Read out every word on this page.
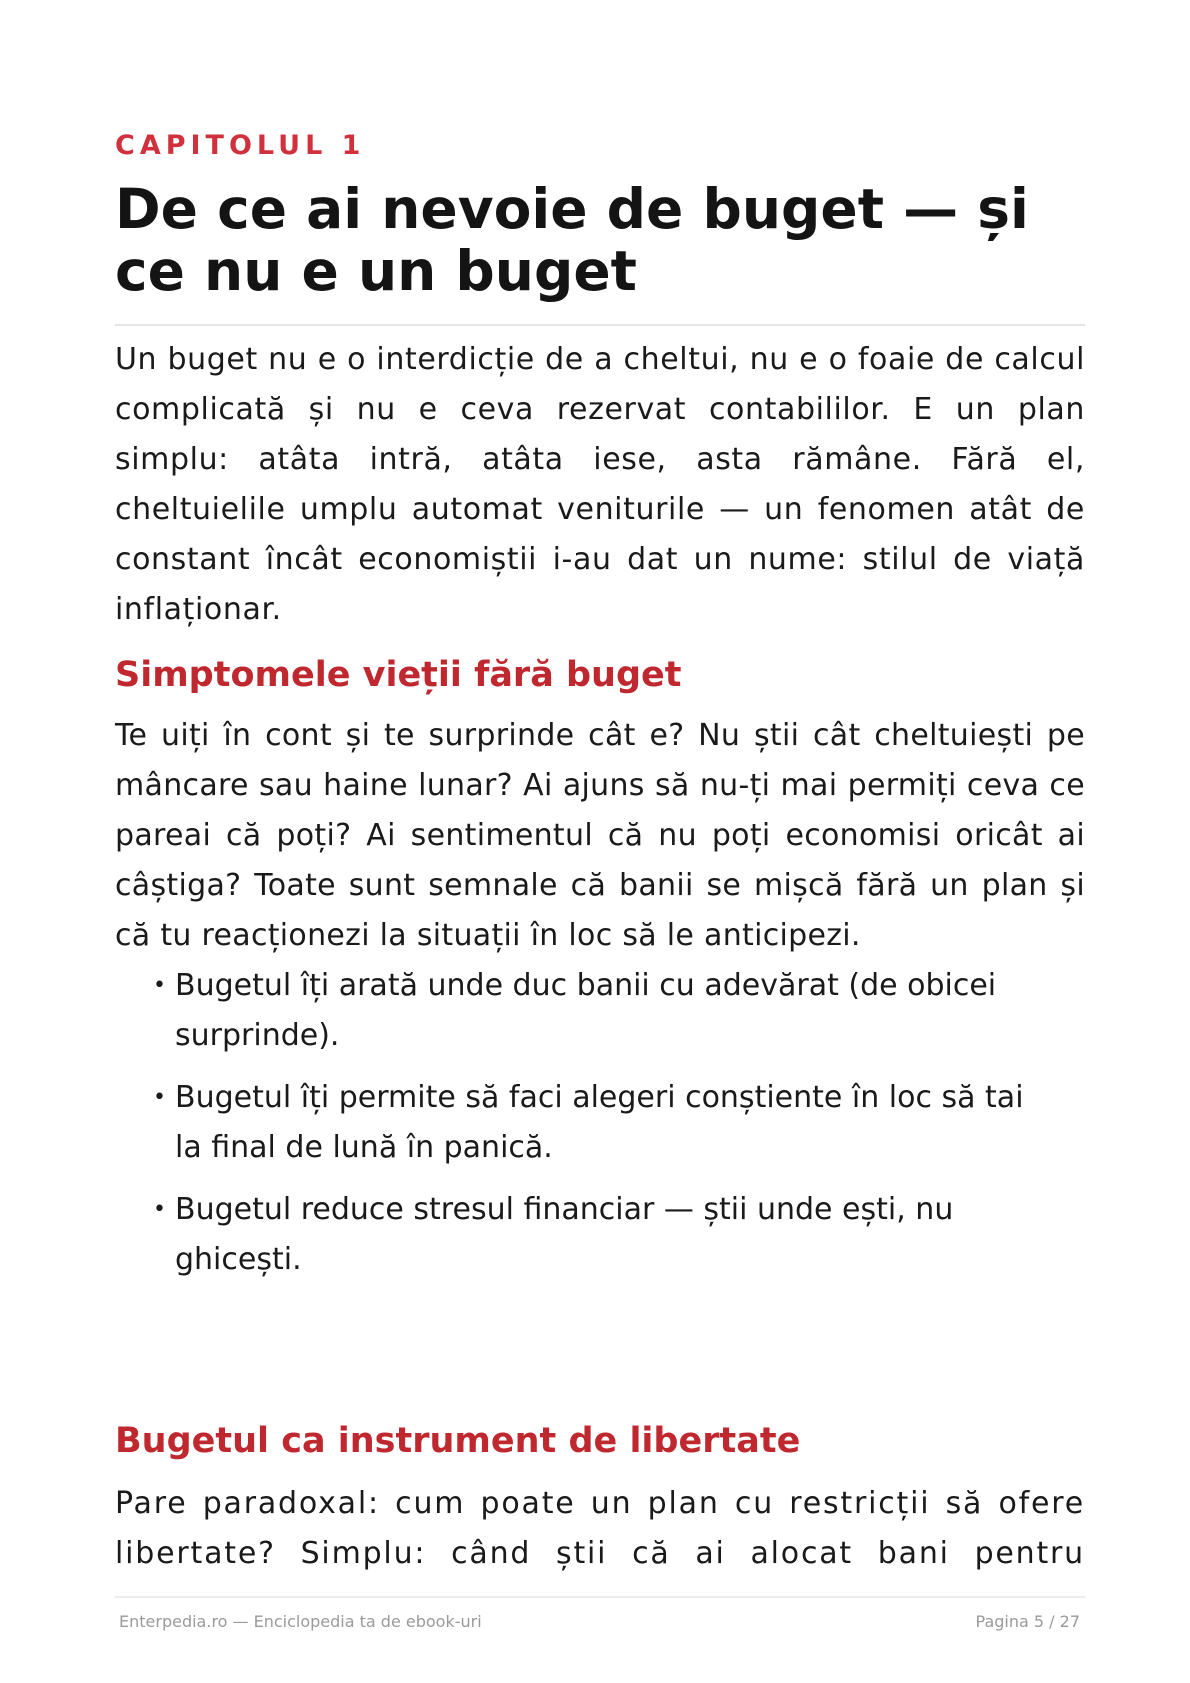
CAPITOLUL 1
De ce ai nevoie de buget — și ce nu e un buget

Un buget nu e o interdicție de a cheltui, nu e o foaie de calcul complicată și nu e ceva rezervat contabililor. E un plan simplu: atâta intră, atâta iese, asta rămâne. Fără el, cheltuielile umplu automat veniturile — un fenomen atât de constant încât economiștii i-au dat un nume: stilul de viață inflaționar.

Simptomele vieții fără buget

Te uiți în cont și te surprinde cât e? Nu știi cât cheltuiești pe mâncare sau haine lunar? Ai ajuns să nu-ți mai permiți ceva ce pareai că poți? Ai sentimentul că nu poți economisi oricât ai câștiga? Toate sunt semnale că banii se mișcă fără un plan și că tu reacționezi la situații în loc să le anticipezi.

• Bugetul îți arată unde duc banii cu adevărat (de obicei surprinde).
• Bugetul îți permite să faci alegeri conștiente în loc să tai la final de lună în panică.
• Bugetul reduce stresul financiar — știi unde ești, nu ghicești.
Bugetul ca instrument de libertate

Pare paradoxal: cum poate un plan cu restricții să ofere libertate? Simplu: când știi că ai alocat bani pentru

Enterpedia.ro — Enciclopedia ta de ebook-uri	Pagina 5 / 27
